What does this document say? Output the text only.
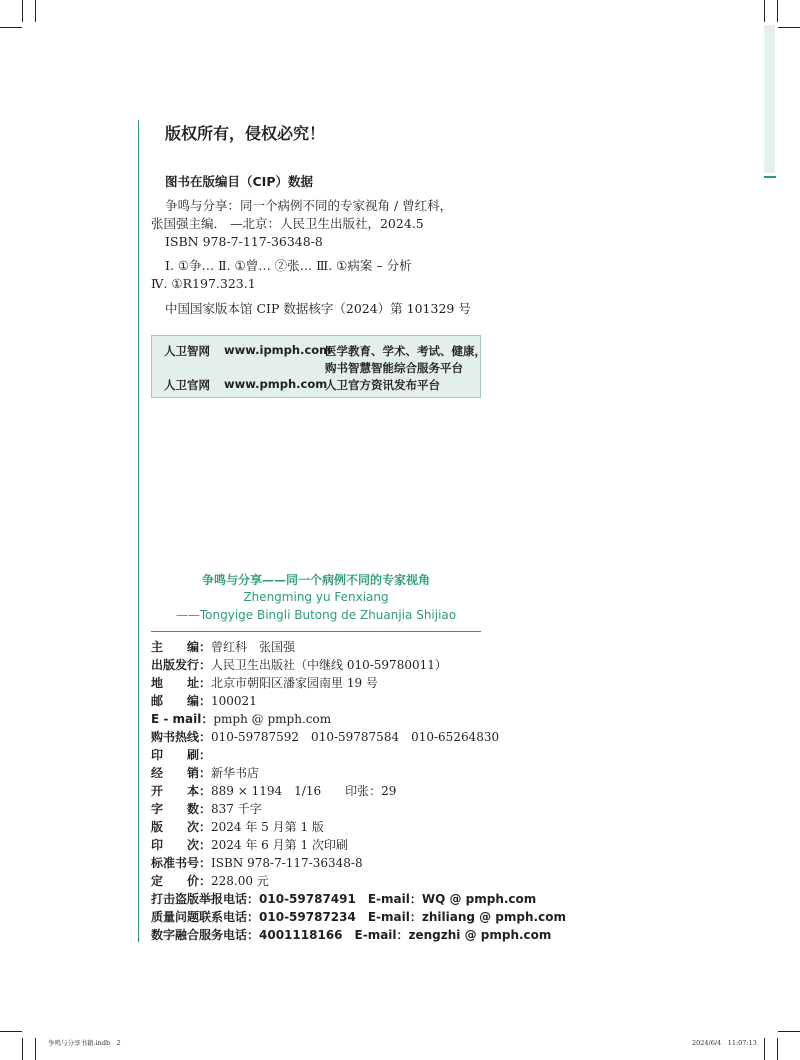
版权所有，侵权必究！
图书在版编目（CIP）数据
争鸣与分享：同一个病例不同的专家视角 / 曾红科，
张国强主编． —北京：人民卫生出版社，2024.5
ISBN 978-7-117-36348-8
Ⅰ. ①争… Ⅱ. ①曾… ②张… Ⅲ. ①病案 – 分析
Ⅳ. ①R197.323.1
中国国家版本馆 CIP 数据核字（2024）第 101329 号
人卫智网 www.ipmph.com
医学教育、学术、考试、健康，
购书智慧智能综合服务平台
人卫官网 www.pmph.com
人卫官方资讯发布平台
争鸣与分享——同一个病例不同的专家视角
Zhengming yu Fenxiang
——Tongyige Bingli Butong de Zhuanjia Shijiao
主　　编：曾红科　张国强
出版发行：人民卫生出版社（中继线 010-59780011）
地　　址：北京市朝阳区潘家园南里 19 号
邮　　编：100021
E - mail：pmph @ pmph.com
购书热线：010-59787592　010-59787584　010-65264830
印　　刷：
经　　销：新华书店
开　　本：889 × 1194　1/16　　印张：29
字　　数：837 千字
版　　次：2024 年 5 月第 1 版
印　　次：2024 年 6 月第 1 次印刷
标准书号：ISBN 978-7-117-36348-8
定　　价：228.00 元
打击盗版举报电话：010-59787491　E-mail：WQ @ pmph.com
质量问题联系电话：010-59787234　E-mail：zhiliang @ pmph.com
数字融合服务电话：4001118166　E-mail：zengzhi @ pmph.com
争鸣与分享书籍.indb　2	2024/6/4　11:07:13
